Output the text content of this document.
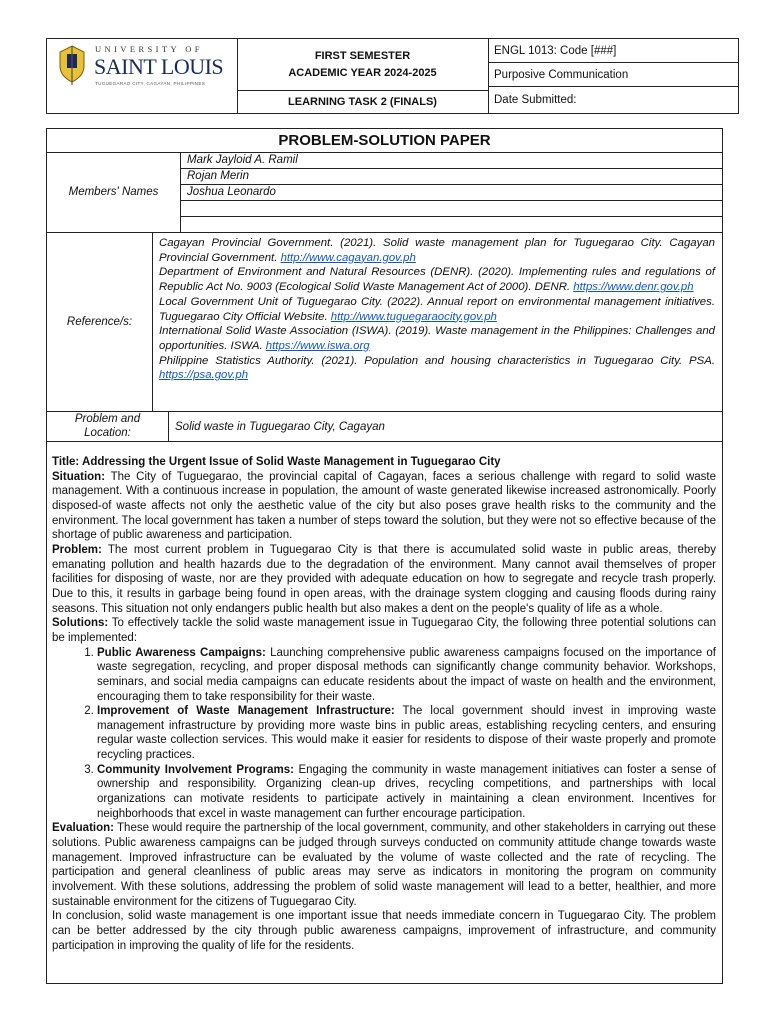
UNIVERSITY OF
SAINT LOUIS
TUGUEGARAO CITY, CAGAYAN, PHILIPPINES
FIRST SEMESTER
ACADEMIC YEAR 2024-2025
LEARNING TASK 2 (FINALS)
ENGL 1013: Code [###]
Purposive Communication
Date Submitted:
PROBLEM-SOLUTION PAPER
Members' Names
Mark Jayloid A. Ramil
Rojan Merin
Joshua Leonardo
Reference/s:

Cagayan Provincial Government. (2021). Solid waste management plan for Tuguegarao City. Cagayan Provincial Government. http://www.cagayan.gov.ph

Department of Environment and Natural Resources (DENR). (2020). Implementing rules and regulations of Republic Act No. 9003 (Ecological Solid Waste Management Act of 2000). DENR. https://www.denr.gov.ph

Local Government Unit of Tuguegarao City. (2022). Annual report on environmental management initiatives. Tuguegarao City Official Website. http://www.tuguegaraocity.gov.ph

International Solid Waste Association (ISWA). (2019). Waste management in the Philippines: Challenges and opportunities. ISWA. https://www.iswa.org

Philippine Statistics Authority. (2021). Population and housing characteristics in Tuguegarao City. PSA. https://psa.gov.ph

Problem and Location:	Solid waste in Tuguegarao City, Cagayan

Title: Addressing the Urgent Issue of Solid Waste Management in Tuguegarao City

Situation: The City of Tuguegarao, the provincial capital of Cagayan, faces a serious challenge with regard to solid waste management. With a continuous increase in population, the amount of waste generated likewise increased astronomically. Poorly disposed-of waste affects not only the aesthetic value of the city but also poses grave health risks to the community and the environment. The local government has taken a number of steps toward the solution, but they were not so effective because of the shortage of public awareness and participation.

Problem: The most current problem in Tuguegarao City is that there is accumulated solid waste in public areas, thereby emanating pollution and health hazards due to the degradation of the environment. Many cannot avail themselves of proper facilities for disposing of waste, nor are they provided with adequate education on how to segregate and recycle trash properly. Due to this, it results in garbage being found in open areas, with the drainage system clogging and causing floods during rainy seasons. This situation not only endangers public health but also makes a dent on the people's quality of life as a whole.

Solutions: To effectively tackle the solid waste management issue in Tuguegarao City, the following three potential solutions can be implemented:

1. Public Awareness Campaigns: Launching comprehensive public awareness campaigns focused on the importance of waste segregation, recycling, and proper disposal methods can significantly change community behavior. Workshops, seminars, and social media campaigns can educate residents about the impact of waste on health and the environment, encouraging them to take responsibility for their waste.
2. Improvement of Waste Management Infrastructure: The local government should invest in improving waste management infrastructure by providing more waste bins in public areas, establishing recycling centers, and ensuring regular waste collection services. This would make it easier for residents to dispose of their waste properly and promote recycling practices.
3. Community Involvement Programs: Engaging the community in waste management initiatives can foster a sense of ownership and responsibility. Organizing clean-up drives, recycling competitions, and partnerships with local organizations can motivate residents to participate actively in maintaining a clean environment. Incentives for neighborhoods that excel in waste management can further encourage participation.

Evaluation: These would require the partnership of the local government, community, and other stakeholders in carrying out these solutions. Public awareness campaigns can be judged through surveys conducted on community attitude change towards waste management. Improved infrastructure can be evaluated by the volume of waste collected and the rate of recycling. The participation and general cleanliness of public areas may serve as indicators in monitoring the program on community involvement. With these solutions, addressing the problem of solid waste management will lead to a better, healthier, and more sustainable environment for the citizens of Tuguegarao City.

In conclusion, solid waste management is one important issue that needs immediate concern in Tuguegarao City. The problem can be better addressed by the city through public awareness campaigns, improvement of infrastructure, and community participation in improving the quality of life for the residents.
